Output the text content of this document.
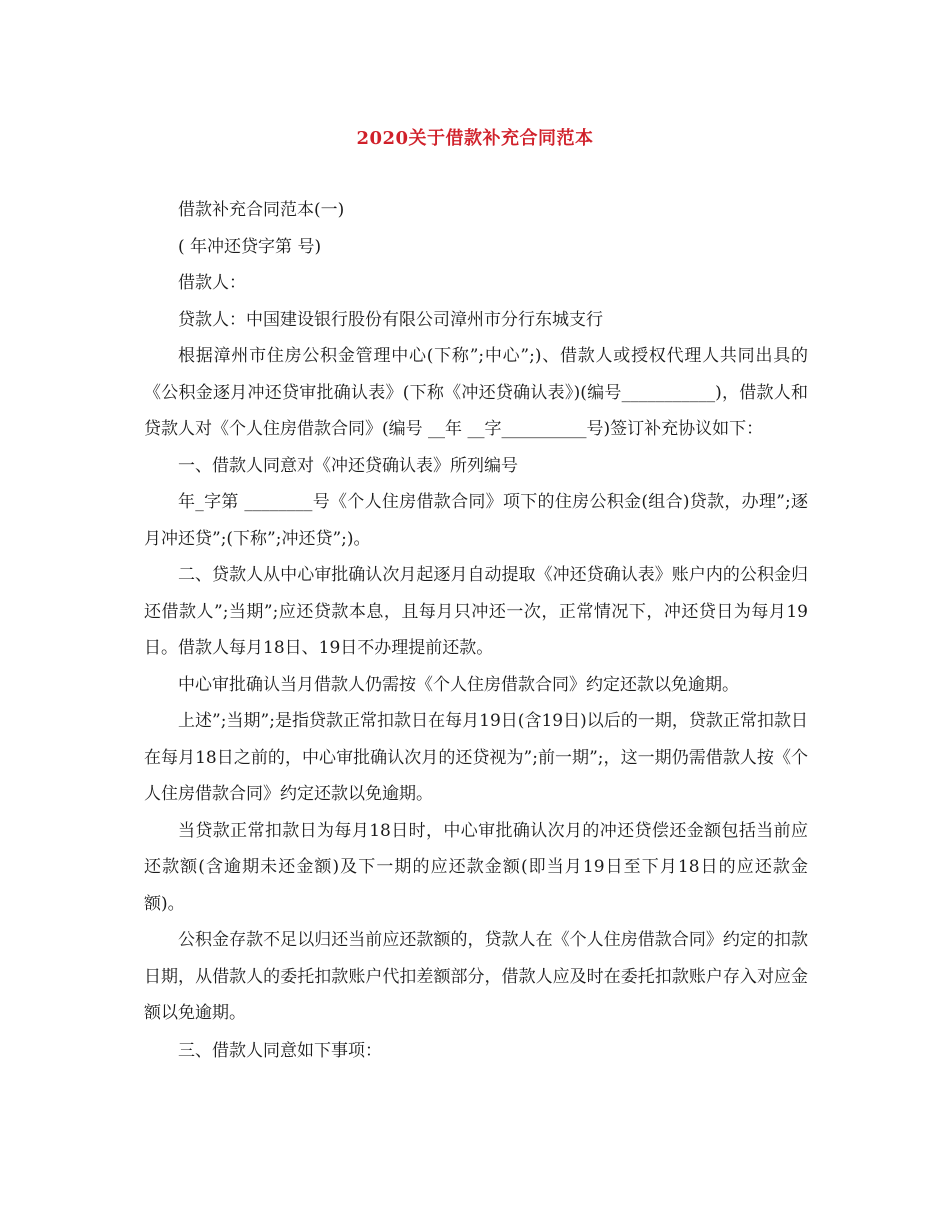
2020关于借款补充合同范本

借款补充合同范本(一)

( 年冲还贷字第 号)

借款人：

贷款人：中国建设银行股份有限公司漳州市分行东城支行

根据漳州市住房公积金管理中心(下称”;中心”;)、借款人或授权代理人共同出具的《公积金逐月冲还贷审批确认表》(下称《冲还贷确认表》)(编号___________)，借款人和贷款人对《个人住房借款合同》(编号 __年 __字__________号)签订补充协议如下：

一、借款人同意对《冲还贷确认表》所列编号

年_字第 ________号《个人住房借款合同》项下的住房公积金(组合)贷款，办理”;逐月冲还贷”;(下称”;冲还贷”;)。

二、贷款人从中心审批确认次月起逐月自动提取《冲还贷确认表》账户内的公积金归还借款人”;当期”;应还贷款本息，且每月只冲还一次，正常情况下，冲还贷日为每月19日。借款人每月18日、19日不办理提前还款。

中心审批确认当月借款人仍需按《个人住房借款合同》约定还款以免逾期。

上述”;当期”;是指贷款正常扣款日在每月19日(含19日)以后的一期，贷款正常扣款日在每月18日之前的，中心审批确认次月的还贷视为”;前一期”;，这一期仍需借款人按《个人住房借款合同》约定还款以免逾期。

当贷款正常扣款日为每月18日时，中心审批确认次月的冲还贷偿还金额包括当前应还款额(含逾期未还金额)及下一期的应还款金额(即当月19日至下月18日的应还款金额)。

公积金存款不足以归还当前应还款额的，贷款人在《个人住房借款合同》约定的扣款日期，从借款人的委托扣款账户代扣差额部分，借款人应及时在委托扣款账户存入对应金额以免逾期。

三、借款人同意如下事项：
